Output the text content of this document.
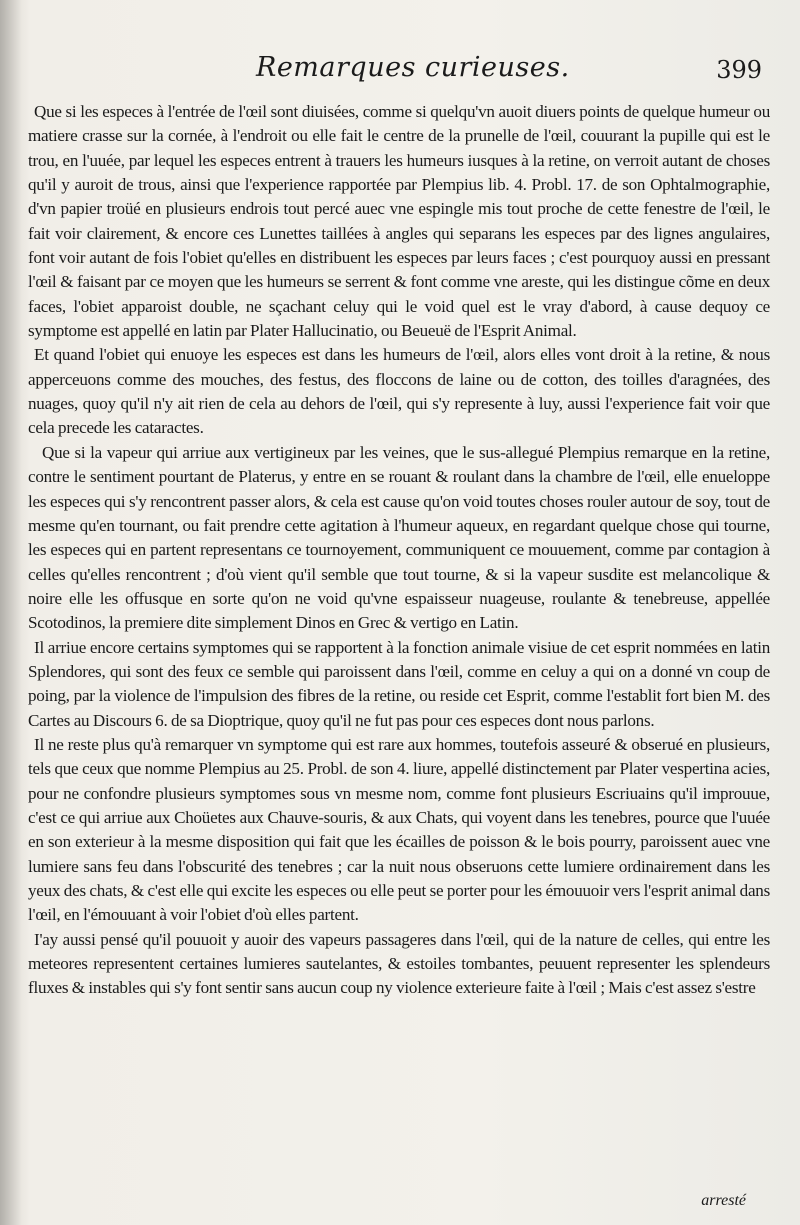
Remarques curieuses.	399

Que si les especes à l'entrée de l'œil sont diuisées, comme si quelqu'vn auoit diuers points de quelque humeur ou matiere crasse sur la cornée, à l'endroit ou elle fait le centre de la prunelle de l'œil, couurant la pupille qui est le trou, en l'uuée, par lequel les especes entrent à trauers les humeurs iusques à la retine, on verroit autant de choses qu'il y auroit de trous, ainsi que l'experience rapportée par Plempius lib. 4. Probl. 17. de son Ophtalmographie, d'vn papier troüé en plusieurs endrois tout percé auec vne espingle mis tout proche de cette fenestre de l'œil, le fait voir clairement, & encore ces Lunettes taillées à angles qui separans les especes par des lignes angulaires, font voir autant de fois l'obiet qu'elles en distribuent les especes par leurs faces ; c'est pourquoy aussi en pressant l'œil & faisant par ce moyen que les humeurs se serrent & font comme vne areste, qui les distingue cõme en deux faces, l'obiet apparoist double, ne sçachant celuy qui le void quel est le vray d'abord, à cause dequoy ce symptome est appellé en latin par Plater Hallucinatio, ou Beueuë de l'Esprit Animal.

Et quand l'obiet qui enuoye les especes est dans les humeurs de l'œil, alors elles vont droit à la retine, & nous apperceuons comme des mouches, des festus, des floccons de laine ou de cotton, des toilles d'aragnées, des nuages, quoy qu'il n'y ait rien de cela au dehors de l'œil, qui s'y represente à luy, aussi l'experience fait voir que cela precede les cataractes.

Que si la vapeur qui arriue aux vertigineux par les veines, que le sus-allegué Plempius remarque en la retine, contre le sentiment pourtant de Platerus, y entre en se rouant & roulant dans la chambre de l'œil, elle enueloppe les especes qui s'y rencontrent passer alors, & cela est cause qu'on void toutes choses rouler autour de soy, tout de mesme qu'en tournant, ou fait prendre cette agitation à l'humeur aqueux, en regardant quelque chose qui tourne, les especes qui en partent representans ce tournoyement, communiquent ce mouuement, comme par contagion à celles qu'elles rencontrent ; d'où vient qu'il semble que tout tourne, & si la vapeur susdite est melancolique & noire elle les offusque en sorte qu'on ne void qu'vne espaisseur nuageuse, roulante & tenebreuse, appellée Scotodinos, la premiere dite simplement Dinos en Grec & vertigo en Latin.

Il arriue encore certains symptomes qui se rapportent à la fonction animale visiue de cet esprit nommées en latin Splendores, qui sont des feux ce semble qui paroissent dans l'œil, comme en celuy a qui on a donné vn coup de poing, par la violence de l'impulsion des fibres de la retine, ou reside cet Esprit, comme l'establit fort bien M. des Cartes au Discours 6. de sa Dioptrique, quoy qu'il ne fut pas pour ces especes dont nous parlons.

Il ne reste plus qu'à remarquer vn symptome qui est rare aux hommes, toutefois asseuré & obserué en plusieurs, tels que ceux que nomme Plempius au 25. Probl. de son 4. liure, appellé distinctement par Plater vespertina acies, pour ne confondre plusieurs symptomes sous vn mesme nom, comme font plusieurs Escriuains qu'il improuue, c'est ce qui arriue aux Choüetes aux Chauve-souris, & aux Chats, qui voyent dans les tenebres, pource que l'uuée en son exterieur à la mesme disposition qui fait que les écailles de poisson & le bois pourry, paroissent auec vne lumiere sans feu dans l'obscurité des tenebres ; car la nuit nous obseruons cette lumiere ordinairement dans les yeux des chats, & c'est elle qui excite les especes ou elle peut se porter pour les émouuoir vers l'esprit animal dans l'œil, en l'émouuant à voir l'obiet d'où elles partent.

I'ay aussi pensé qu'il pouuoit y auoir des vapeurs passageres dans l'œil, qui de la nature de celles, qui entre les meteores representent certaines lumieres sautelantes, & estoiles tombantes, peuuent representer les splendeurs fluxes & instables qui s'y font sentir sans aucun coup ny violence exterieure faite à l'œil ; Mais c'est assez s'estre

arresté
